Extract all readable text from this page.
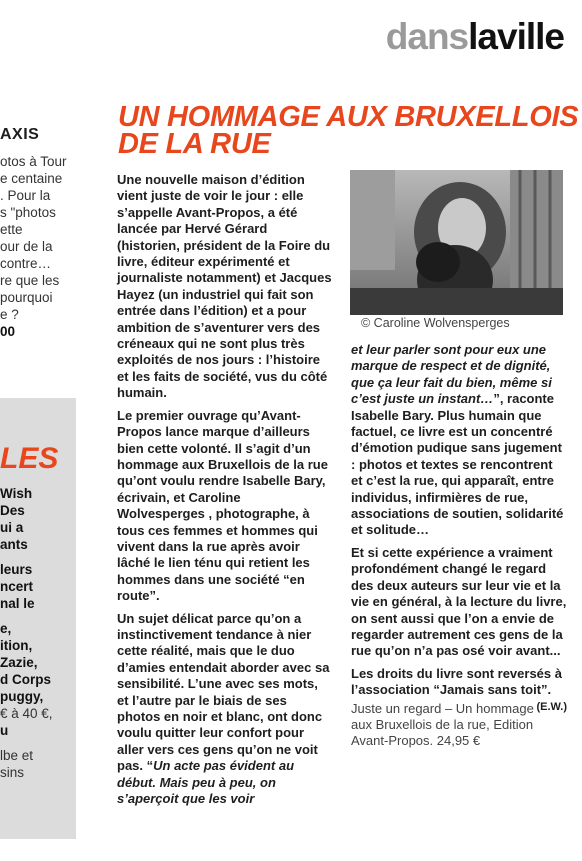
danslaville
AXIS
otos à Tour
e centaine
. Pour la
s "photos
ette
our de la
contre…
re que les
pourquoi
e ?
00
LES
Wish
Des
ui a
ants
leurs
ncert
nal le
e,
ition,
Zazie,
d Corps
puggy,
€ à 40 €,
u
lbe et
sins
UN HOMMAGE AUX BRUXELLOIS
DE LA RUE

Une nouvelle maison d’édition vient juste de voir le jour : elle s’appelle Avant-Propos, a été lancée par Hervé Gérard (historien, président de la Foire du livre, éditeur expérimenté et journaliste notamment) et Jacques Hayez (un industriel qui fait son entrée dans l’édition) et a pour ambition de s’aventurer vers des créneaux qui ne sont plus très exploités de nos jours : l’histoire et les faits de société, vus du côté humain.

Le premier ouvrage qu’Avant-Propos lance marque d’ailleurs bien cette volonté. Il s’agit d’un hommage aux Bruxellois de la rue qu’ont voulu rendre Isabelle Bary, écrivain, et Caroline Wolvesperges , photographe, à tous ces femmes et hommes qui vivent dans la rue après avoir lâché le lien ténu qui retient les hommes dans une société “en route”.

Un sujet délicat parce qu’on a instinctivement tendance à nier cette réalité, mais que le duo d’amies entendait aborder avec sa sensibilité. L’une avec ses mots, et l’autre par le biais de ses photos en noir et blanc, ont donc voulu quitter leur confort pour aller vers ces gens qu’on ne voit pas. “Un acte pas évident au début. Mais peu à peu, on s’aperçoit que les voir

© Caroline Wolvensperges

et leur parler sont pour eux une marque de respect et de dignité, que ça leur fait du bien, même si c’est juste un instant…”, raconte Isabelle Bary. Plus humain que factuel, ce livre est un concentré d’émotion pudique sans jugement : photos et textes se rencontrent et c’est la rue, qui apparaît, entre individus, infirmières de rue, associations de soutien, solidarité et solitude…

Et si cette expérience a vraiment profondément changé le regard des deux auteurs sur leur vie et la vie en général, à la lecture du livre, on sent aussi que l’on a envie de regarder autrement ces gens de la rue qu’on n’a pas osé voir avant...

Les droits du livre sont reversés à l’association “Jamais sans toit”.
(E.W.)

Juste un regard – Un hommage aux Bruxellois de la rue, Edition Avant-Propos. 24,95 €
